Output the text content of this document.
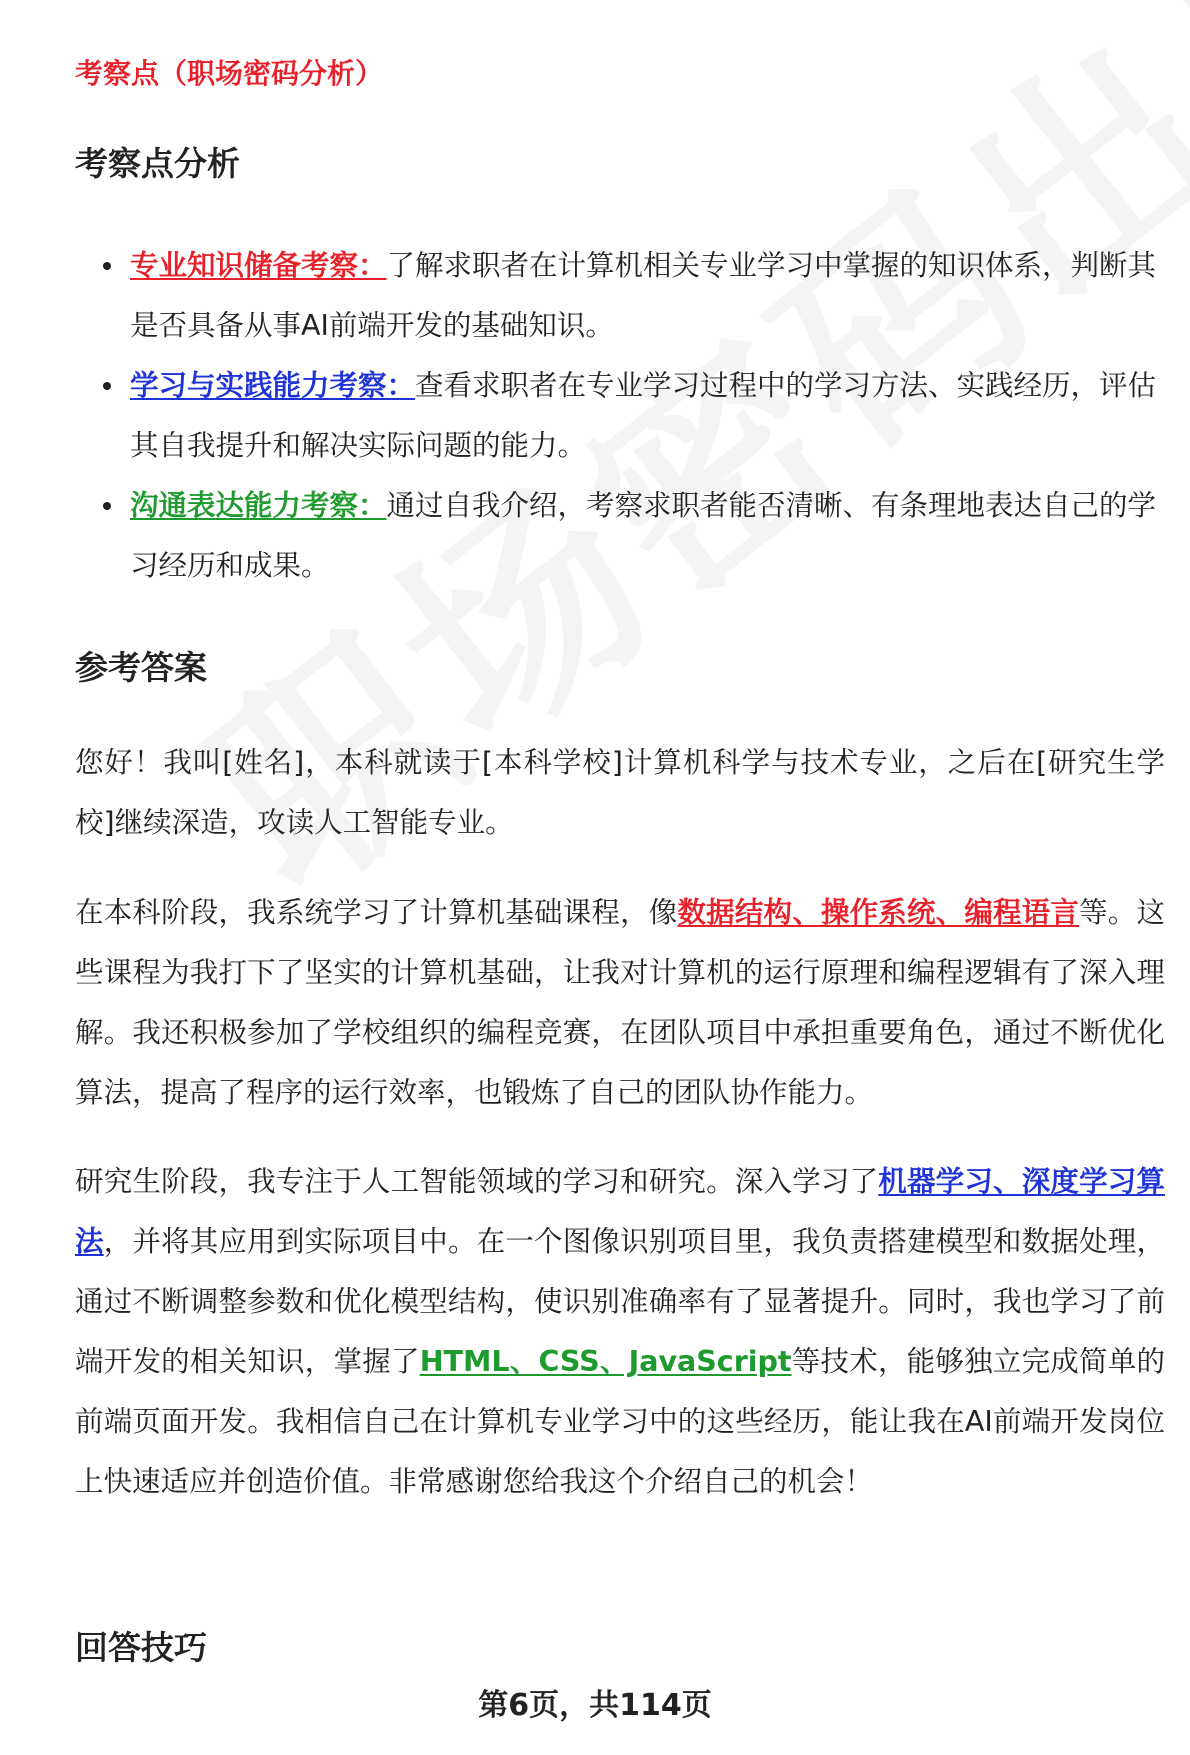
考察点（职场密码分析）
考察点分析
专业知识储备考察：了解求职者在计算机相关专业学习中掌握的知识体系，判断其是否具备从事AI前端开发的基础知识。
学习与实践能力考察：查看求职者在专业学习过程中的学习方法、实践经历，评估其自我提升和解决实际问题的能力。
沟通表达能力考察：通过自我介绍，考察求职者能否清晰、有条理地表达自己的学习经历和成果。
参考答案

您好！我叫[姓名]，本科就读于[本科学校]计算机科学与技术专业，之后在[研究生学校]继续深造，攻读人工智能专业。

在本科阶段，我系统学习了计算机基础课程，像数据结构、操作系统、编程语言等。这些课程为我打下了坚实的计算机基础，让我对计算机的运行原理和编程逻辑有了深入理解。我还积极参加了学校组织的编程竞赛，在团队项目中承担重要角色，通过不断优化算法，提高了程序的运行效率，也锻炼了自己的团队协作能力。

研究生阶段，我专注于人工智能领域的学习和研究。深入学习了机器学习、深度学习算法，并将其应用到实际项目中。在一个图像识别项目里，我负责搭建模型和数据处理，通过不断调整参数和优化模型结构，使识别准确率有了显著提升。同时，我也学习了前端开发的相关知识，掌握了HTML、CSS、JavaScript等技术，能够独立完成简单的前端页面开发。我相信自己在计算机专业学习中的这些经历，能让我在AI前端开发岗位上快速适应并创造价值。非常感谢您给我这个介绍自己的机会！

回答技巧
第6页，共114页
